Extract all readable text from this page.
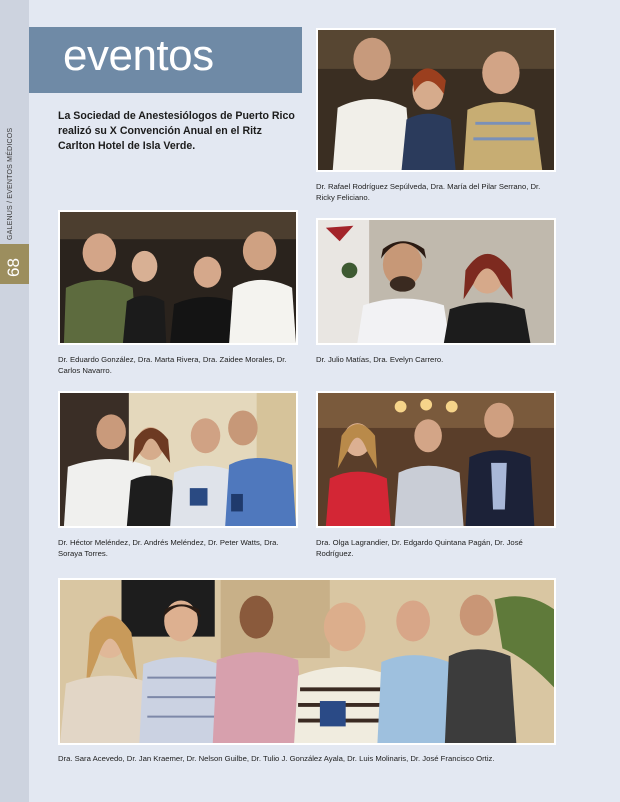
GALENUS / EVENTOS MÉDICOS
68
eventos

La Sociedad de Anestesiólogos de Puerto Rico realizó su X Convención Anual en el Ritz Carlton Hotel de Isla Verde.

Dr. Rafael Rodríguez Sepúlveda, Dra. María del Pilar Serrano, Dr. Ricky Feliciano.

Dr. Eduardo González, Dra. Marta Rivera, Dra. Zaidee Morales, Dr. Carlos Navarro.

Dr. Julio Matías, Dra. Evelyn Carrero.

Dr. Héctor Meléndez, Dr. Andrés Meléndez, Dr. Peter Watts, Dra. Soraya Torres.

Dra. Olga Lagrandier, Dr. Edgardo Quintana Pagán, Dr. José Rodríguez.

Dra. Sara Acevedo, Dr. Jan Kraemer, Dr. Nelson Guilbe, Dr. Tulio J. González Ayala, Dr. Luis Molinaris, Dr. José Francisco Ortiz.
